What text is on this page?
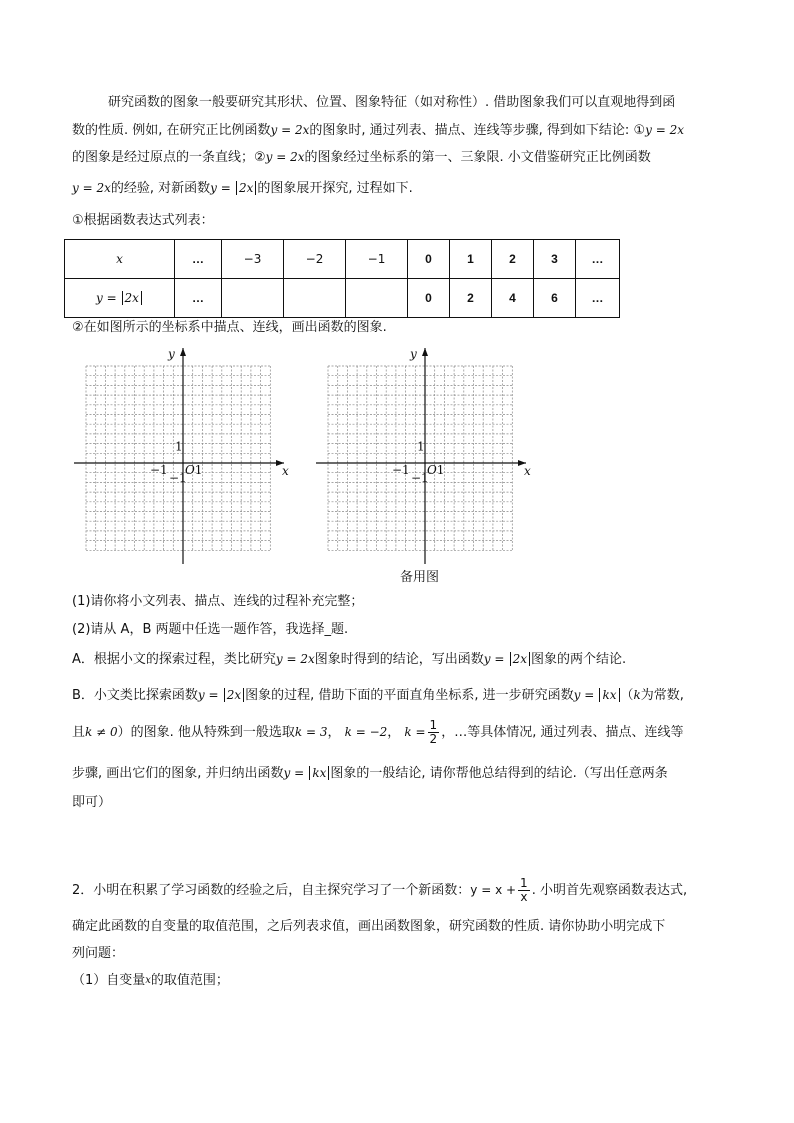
研究函数的图象一般要研究其形状、位置、图象特征（如对称性）. 借助图象我们可以直观地得到函
数的性质. 例如, 在研究正比例函数y = 2x的图象时, 通过列表、描点、连线等步骤, 得到如下结论: ①y = 2x
的图象是经过原点的一条直线；②y = 2x的图象经过坐标系的第一、三象限. 小文借鉴研究正比例函数
y = 2x的经验, 对新函数y = 2x 的图象展开探究, 过程如下.
①根据函数表达式列表：
x	…	−3	−2	−1	0	1	2	3	…
y = 2x	…				0	2	4	6	…
②在如图所示的坐标系中描点、连线，画出函数的图象.
y
x
1
−1
−1
O 1
y
x
1
−1
−1
O 1
备用图
(1)请你将小文列表、描点、连线的过程补充完整；
(2)请从 A，B 两题中任选一题作答，我选择_题.
A．根据小文的探索过程，类比研究y = 2x图象时得到的结论，写出函数y = 2x 图象的两个结论.
B．小文类比探索函数y = 2x 图象的过程, 借助下面的平面直角坐标系, 进一步研究函数y = kx （k为常数,
且k ≠ 0）的图象. 他从特殊到一般选取k = 3， k = −2， $k = \frac{1}{2}$ ，…等具体情况, 通过列表、描点、连线等
步骤, 画出它们的图象, 并归纳出函数y = kx 图象的一般结论, 请你帮他总结得到的结论.（写出任意两条
即可）
2．小明在积累了学习函数的经验之后，自主探究学习了一个新函数：$y = x + \frac{1}{x}$ . 小明首先观察函数表达式,
确定此函数的自变量的取值范围，之后列表求值，画出函数图象，研究函数的性质. 请你协助小明完成下
列问题：
（1）自变量$^x$的取值范围；
